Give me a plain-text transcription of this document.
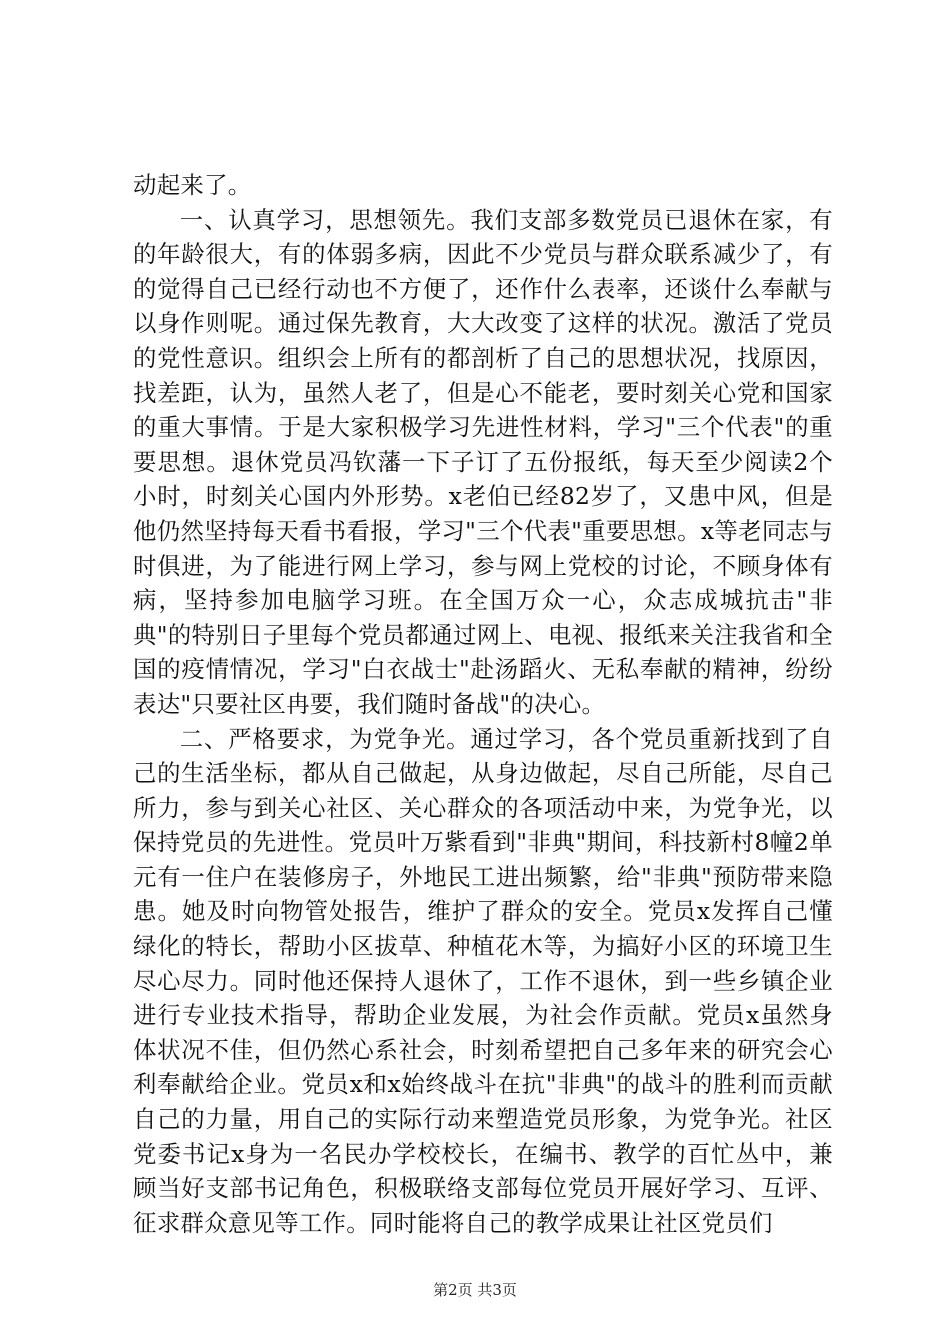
动起来了。

一、认真学习，思想领先。我们支部多数党员已退休在家，有的年龄很大，有的体弱多病，因此不少党员与群众联系减少了，有的觉得自己已经行动也不方便了，还作什么表率，还谈什么奉献与以身作则呢。通过保先教育，大大改变了这样的状况。激活了党员的党性意识。组织会上所有的都剖析了自己的思想状况，找原因，找差距，认为，虽然人老了，但是心不能老，要时刻关心党和国家的重大事情。于是大家积极学习先进性材料，学习"三个代表"的重要思想。退休党员冯钦藩一下子订了五份报纸，每天至少阅读2个小时，时刻关心国内外形势。x老伯已经82岁了，又患中风，但是他仍然坚持每天看书看报，学习"三个代表"重要思想。x等老同志与时俱进，为了能进行网上学习，参与网上党校的讨论，不顾身体有病，坚持参加电脑学习班。在全国万众一心，众志成城抗击"非典"的特别日子里每个党员都通过网上、电视、报纸来关注我省和全国的疫情情况，学习"白衣战士"赴汤蹈火、无私奉献的精神，纷纷表达"只要社区冉要，我们随时备战"的决心。

二、严格要求，为党争光。通过学习，各个党员重新找到了自己的生活坐标，都从自己做起，从身边做起，尽自己所能，尽自己所力，参与到关心社区、关心群众的各项活动中来，为党争光，以保持党员的先进性。党员叶万紫看到"非典"期间，科技新村8幢2单元有一住户在装修房子，外地民工进出频繁，给"非典"预防带来隐患。她及时向物管处报告，维护了群众的安全。党员x发挥自己懂绿化的特长，帮助小区拔草、种植花木等，为搞好小区的环境卫生尽心尽力。同时他还保持人退休了，工作不退休，到一些乡镇企业进行专业技术指导，帮助企业发展，为社会作贡献。党员x虽然身体状况不佳，但仍然心系社会，时刻希望把自己多年来的研究会心利奉献给企业。党员x和x始终战斗在抗"非典"的战斗的胜利而贡献自己的力量，用自己的实际行动来塑造党员形象，为党争光。社区党委书记x身为一名民办学校校长，在编书、教学的百忙丛中，兼顾当好支部书记角色，积极联络支部每位党员开展好学习、互评、征求群众意见等工作。同时能将自己的教学成果让社区党员们

第2页 共3页
